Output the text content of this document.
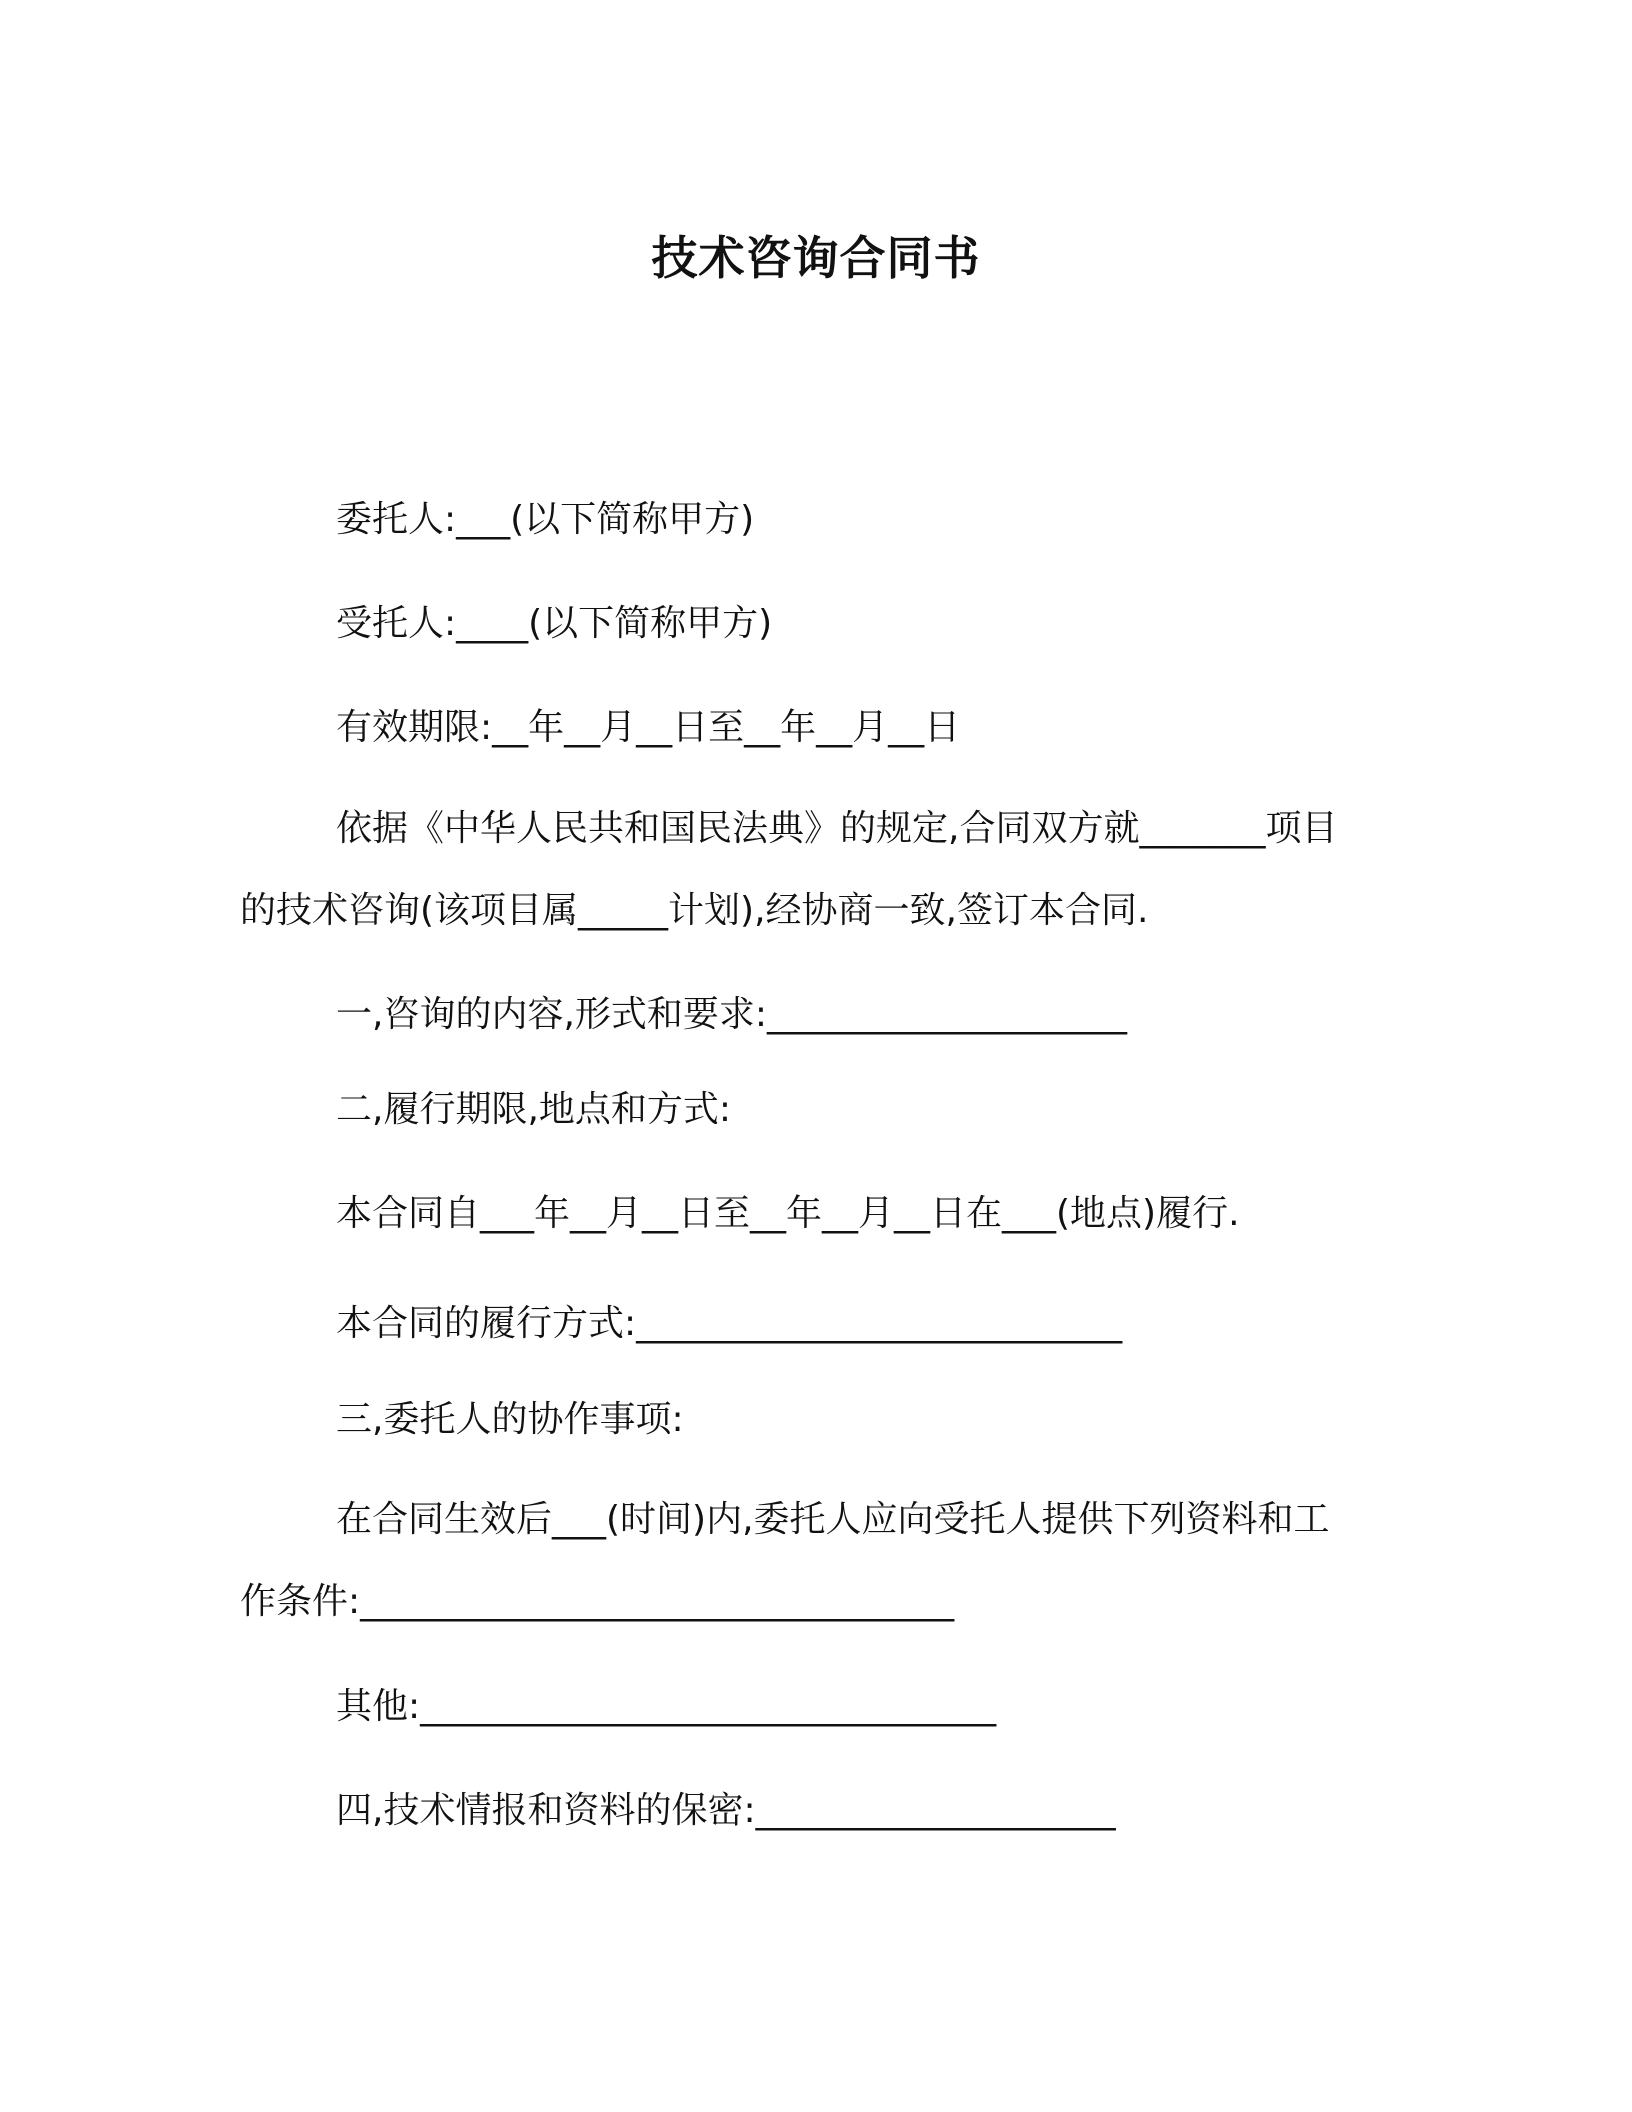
技术咨询合同书

委托人:___(以下简称甲方)

受托人:____(以下简称甲方)

有效期限:__年__月__日至__年__月__日

依据《中华人民共和国民法典》的规定,合同双方就_______项目

的技术咨询(该项目属_____计划),经协商一致,签订本合同.

一,咨询的内容,形式和要求:____________________

二,履行期限,地点和方式:

本合同自___年__月__日至__年__月__日在___(地点)履行.

本合同的履行方式:___________________________

三,委托人的协作事项:

在合同生效后___(时间)内,委托人应向受托人提供下列资料和工

作条件:_________________________________

其他:________________________________

四,技术情报和资料的保密:____________________
